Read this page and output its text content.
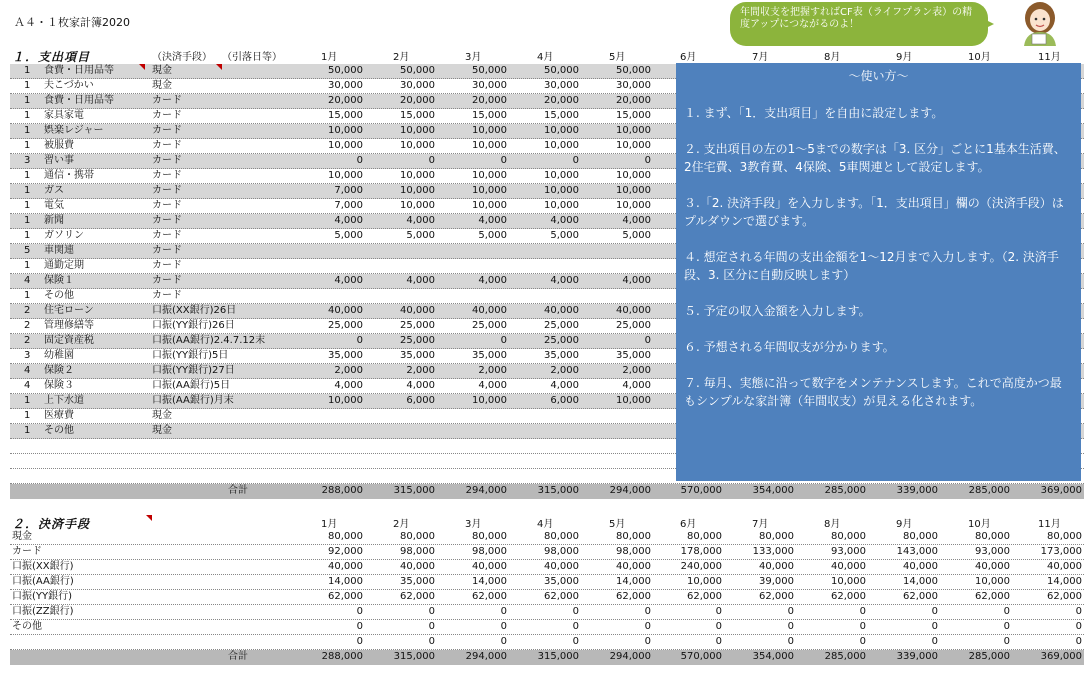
Ａ４・１枚家計簿2020
１．支出項目	（決済手段） （引落日等）	1月	2月	3月	4月	5月	6月	7月	8月	9月	10月	11月
1 食費・日用品等	現金	50,000	50,000	50,000	50,000	50,000
1 夫こづかい	現金	30,000	30,000	30,000	30,000	30,000
1 食費・日用品等	カード	20,000	20,000	20,000	20,000	20,000
1 家具家電	カード	15,000	15,000	15,000	15,000	15,000
1 娯楽レジャー	カード	10,000	10,000	10,000	10,000	10,000
1 被服費	カード	10,000	10,000	10,000	10,000	10,000
3 習い事	カード	0	0	0	0	0
1 通信・携帯	カード	10,000	10,000	10,000	10,000	10,000
1 ガス	カード	7,000	10,000	10,000	10,000	10,000
1 電気	カード	7,000	10,000	10,000	10,000	10,000
1 新聞	カード	4,000	4,000	4,000	4,000	4,000
1 ガソリン	カード	5,000	5,000	5,000	5,000	5,000
5 車関連	カード
1 通勤定期	カード
4 保険１	カード	4,000	4,000	4,000	4,000	4,000
1 その他	カード
2 住宅ローン	口振(XX銀行)26日	40,000	40,000	40,000	40,000	40,000
2 管理修繕等	口振(YY銀行)26日	25,000	25,000	25,000	25,000	25,000
2 固定資産税	口振(AA銀行)2.4.7.12末	0	25,000	0	25,000	0
3 幼稚園	口振(YY銀行)5日	35,000	35,000	35,000	35,000	35,000
4 保険２	口振(YY銀行)27日	2,000	2,000	2,000	2,000	2,000
4 保険３	口振(AA銀行)5日	4,000	4,000	4,000	4,000	4,000
1 上下水道	口振(AA銀行)月末	10,000	6,000	10,000	6,000	10,000
1 医療費	現金
1 その他	現金
合計	288,000	315,000	294,000	315,000	294,000	570,000	354,000	285,000	339,000	285,000	369,000
２．決済手段	1月	2月	3月	4月	5月	6月	7月	8月	9月	10月	11月
現金	80,000	80,000	80,000	80,000	80,000	80,000	80,000	80,000	80,000	80,000	80,000
カード	92,000	98,000	98,000	98,000	98,000	178,000	133,000	93,000	143,000	93,000	173,000
口振(XX銀行)	40,000	40,000	40,000	40,000	40,000	240,000	40,000	40,000	40,000	40,000	40,000
口振(AA銀行)	14,000	35,000	14,000	35,000	14,000	10,000	39,000	10,000	14,000	10,000	14,000
口振(YY銀行)	62,000	62,000	62,000	62,000	62,000	62,000	62,000	62,000	62,000	62,000	62,000
口振(ZZ銀行)	0	0	0	0	0	0	0	0	0	0	0
その他	0	0	0	0	0	0	0	0	0	0	0
0	0	0	0	0	0	0	0	0	0	0
合計	288,000	315,000	294,000	315,000	294,000	570,000	354,000	285,000	339,000	285,000	369,000
～使い方～

１. まず、「1．支出項目」を自由に設定します。

２. 支出項目の左の1～5までの数字は「3. 区分」ごとに1基本生活費、2住宅費、3教育費、4保険、5車関連として設定します。

３.「2. 決済手段」を入力します。「1．支出項目」欄の（決済手段）はプルダウンで選びます。

４. 想定される年間の支出金額を1～12月まで入力します。（2. 決済手段、3. 区分に自動反映します）

５. 予定の収入金額を入力します。

６. 予想される年間収支が分かります。

７. 毎月、実態に沿って数字をメンテナンスします。これで高度かつ最もシンプルな家計簿（年間収支）が見える化されます。

年間収支を把握すればCF表（ライフプラン表）の精度アップにつながるのよ！
